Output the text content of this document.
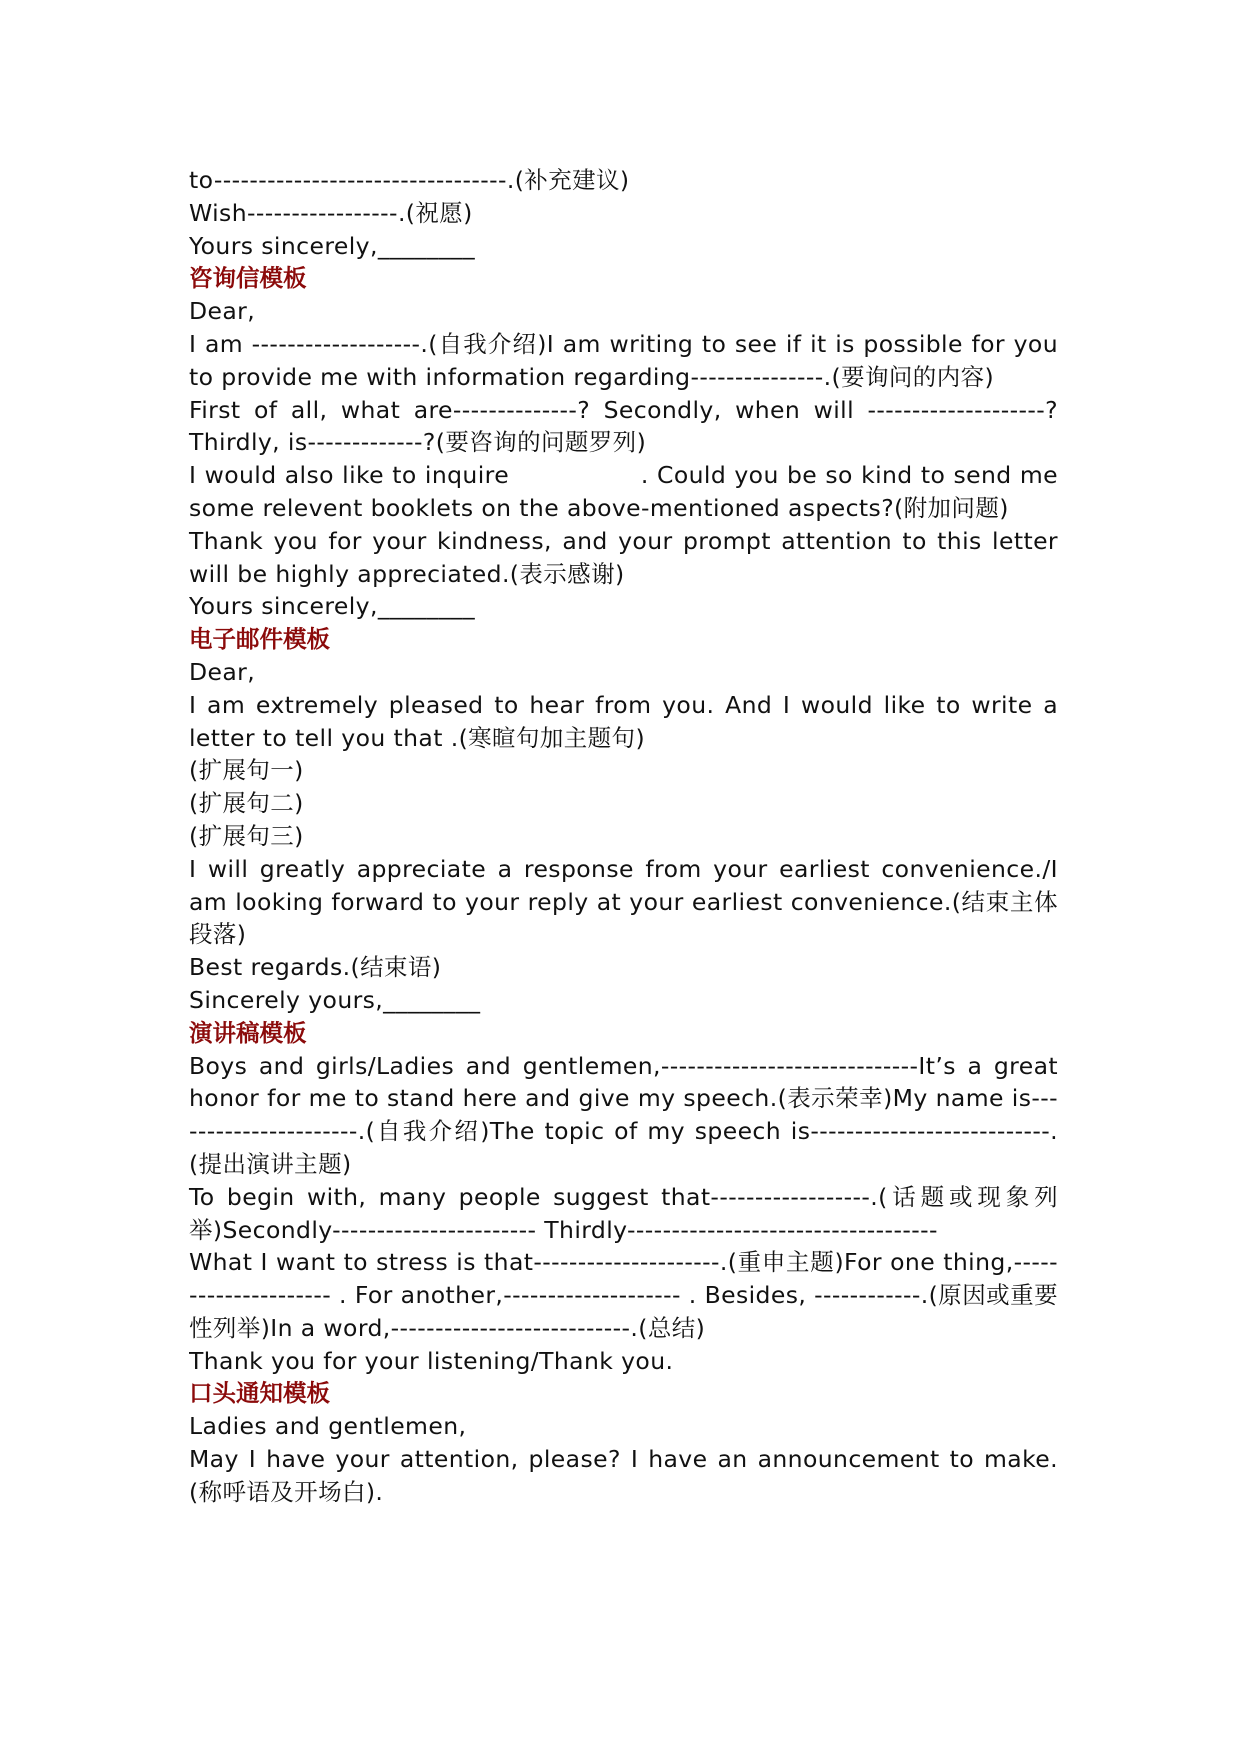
to---------------------------------.(补充建议)
Wish-----------------.(祝愿)
Yours sincerely,________
咨询信模板
Dear,
I am -------------------.(自我介绍)I am writing to see if it is possible for you to provide me with information regarding---------------.(要询问的内容)
First of all, what are--------------? Secondly, when will --------------------? Thirdly, is-------------?(要咨询的问题罗列)
I would also like to inquire                . Could you be so kind to send me some relevent booklets on the above-mentioned aspects?(附加问题)
Thank you for your kindness, and your prompt attention to this letter will be highly appreciated.(表示感谢)
Yours sincerely,________
电子邮件模板
Dear,
I am extremely pleased to hear from you. And I would like to write a letter to tell you that .(寒暄句加主题句)
(扩展句一)
(扩展句二)
(扩展句三)
I will greatly appreciate a response from your earliest convenience./I am looking forward to your reply at your earliest convenience.(结束主体段落)
Best regards.(结束语)
Sincerely yours,________
演讲稿模板
Boys and girls/Ladies and gentlemen,-----------------------------It’s a great honor for me to stand here and give my speech.(表示荣幸)My name is----------------------.(自我介绍)The topic of my speech is---------------------------.(提出演讲主题)
To begin with, many people suggest that------------------.(话题或现象列举)Secondly----------------------- Thirdly-----------------------------------
What I want to stress is that---------------------.(重申主题)For one thing,--------------------- . For another,-------------------- . Besides, ------------.(原因或重要性列举)In a word,---------------------------.(总结)
Thank you for your listening/Thank you.
口头通知模板
Ladies and gentlemen,
May I have your attention, please? I have an announcement to make.(称呼语及开场白).
